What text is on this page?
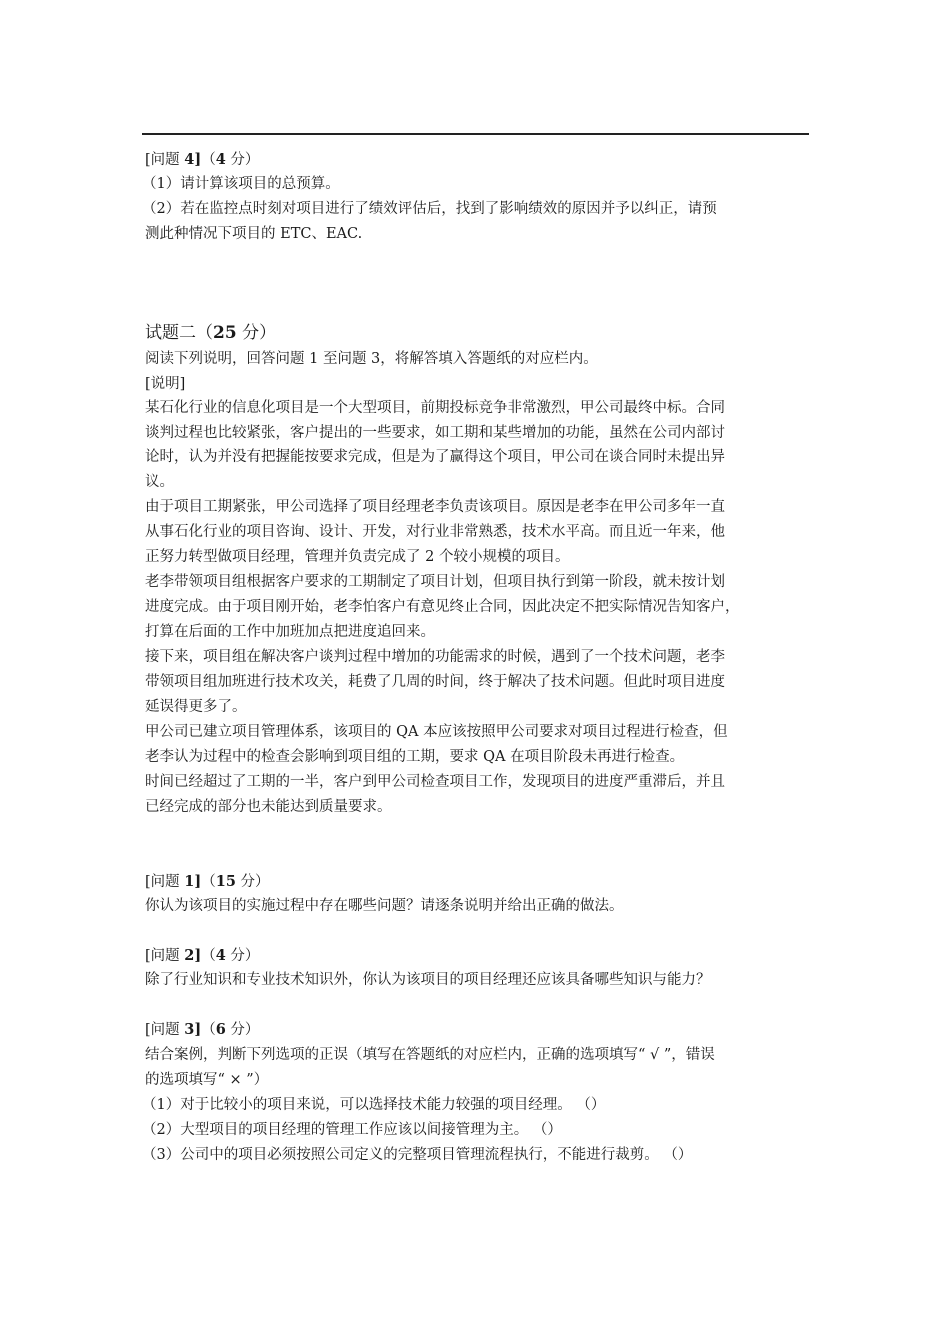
[问题 4]（4 分）
（1）请计算该项目的总预算。
（2）若在监控点时刻对项目进行了绩效评估后，找到了影响绩效的原因并予以纠正，请预
测此种情况下项目的 ETC、EAC.
试题二（25 分）
阅读下列说明，回答问题 1 至问题 3，将解答填入答题纸的对应栏内。
[说明]
某石化行业的信息化项目是一个大型项目，前期投标竞争非常激烈，甲公司最终中标。合同
谈判过程也比较紧张，客户提出的一些要求，如工期和某些增加的功能，虽然在公司内部讨
论时，认为并没有把握能按要求完成，但是为了赢得这个项目，甲公司在谈合同时未提出异
议。
由于项目工期紧张，甲公司选择了项目经理老李负责该项目。原因是老李在甲公司多年一直
从事石化行业的项目咨询、设计、开发，对行业非常熟悉，技术水平高。而且近一年来，他
正努力转型做项目经理，管理并负责完成了 2 个较小规模的项目。
老李带领项目组根据客户要求的工期制定了项目计划，但项目执行到第一阶段，就未按计划
进度完成。由于项目刚开始，老李怕客户有意见终止合同，因此决定不把实际情况告知客户，
打算在后面的工作中加班加点把进度追回来。
接下来，项目组在解决客户谈判过程中增加的功能需求的时候，遇到了一个技术问题，老李
带领项目组加班进行技术攻关，耗费了几周的时间，终于解决了技术问题。但此时项目进度
延误得更多了。
甲公司已建立项目管理体系，该项目的 QA 本应该按照甲公司要求对项目过程进行检查，但
老李认为过程中的检查会影响到项目组的工期，要求 QA 在项目阶段未再进行检查。
时间已经超过了工期的一半，客户到甲公司检查项目工作，发现项目的进度严重滞后，并且
已经完成的部分也未能达到质量要求。
[问题 1]（15 分）
你认为该项目的实施过程中存在哪些问题？请逐条说明并给出正确的做法。
[问题 2]（4 分）
除了行业知识和专业技术知识外，你认为该项目的项目经理还应该具备哪些知识与能力？
[问题 3]（6 分）
结合案例，判断下列选项的正误（填写在答题纸的对应栏内，正确的选项填写“ √ ”，错误
的选项填写“ × ”）
（1）对于比较小的项目来说，可以选择技术能力较强的项目经理。 （）
（2）大型项目的项目经理的管理工作应该以间接管理为主。 （）
（3）公司中的项目必须按照公司定义的完整项目管理流程执行，不能进行裁剪。 （）
